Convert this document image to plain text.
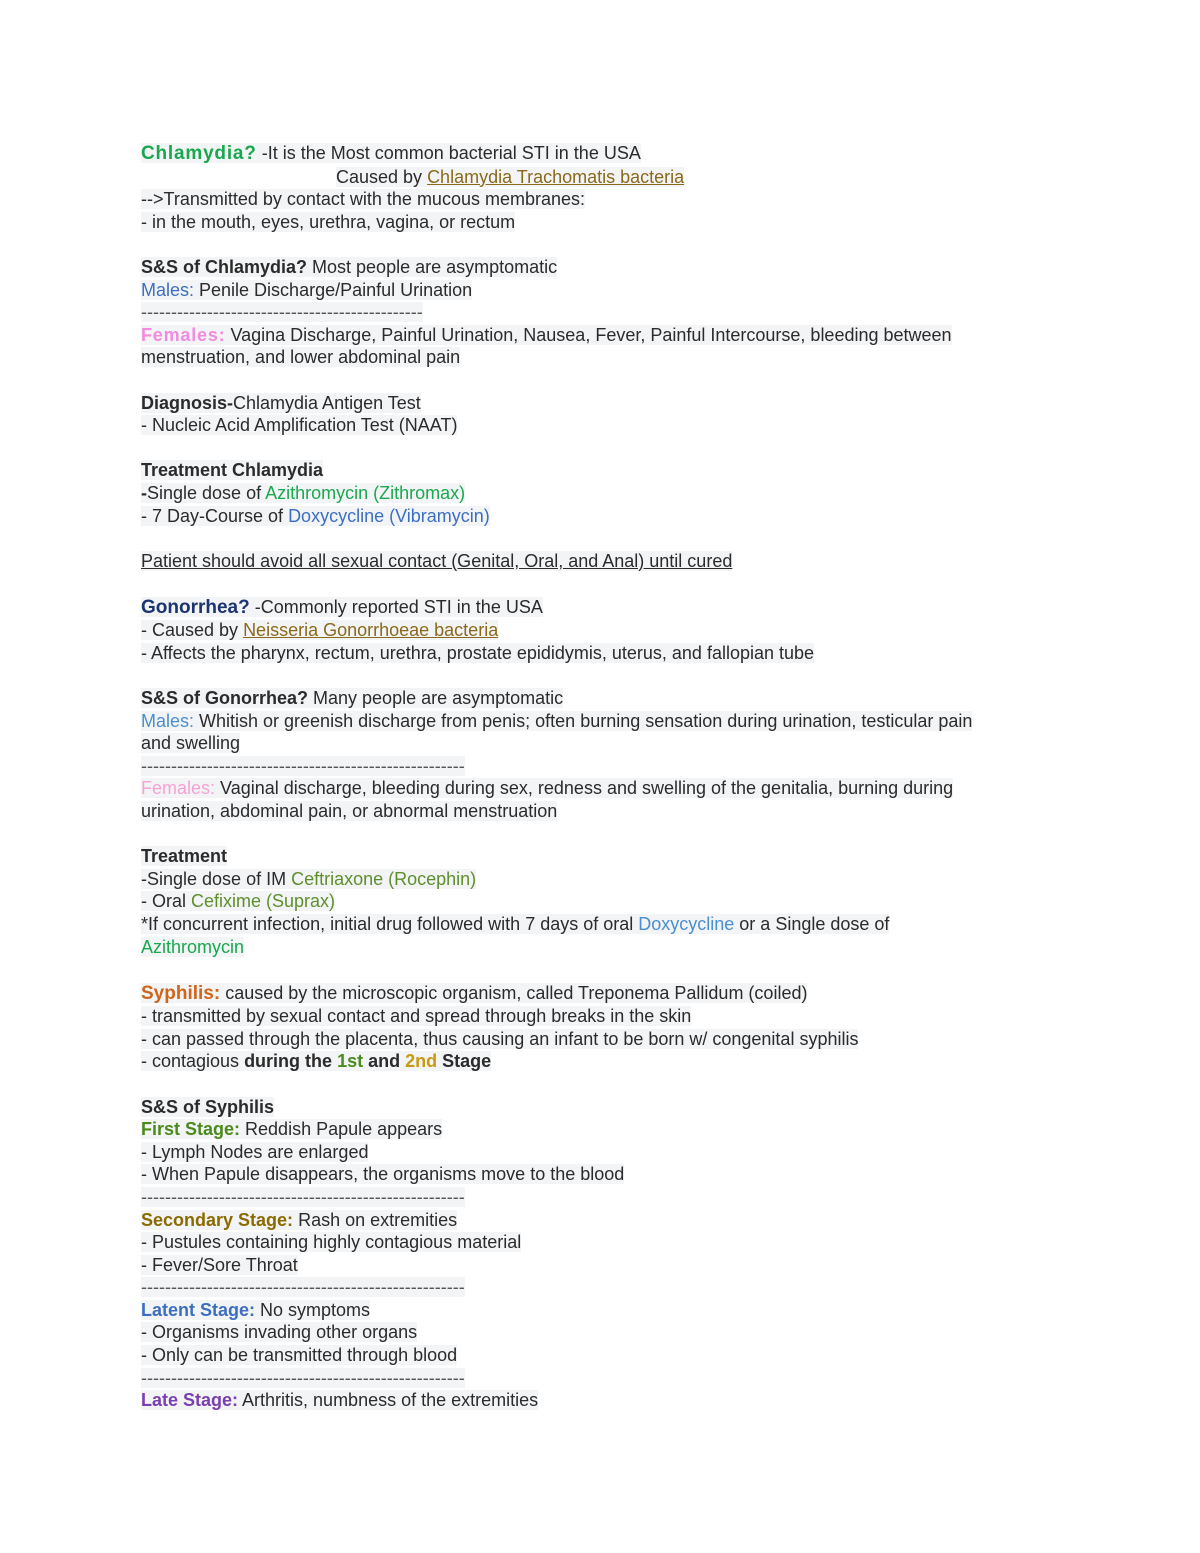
Chlamydia? -It is the Most common bacterial STI in the USA
Caused by Chlamydia Trachomatis bacteria
-->Transmitted by contact with the mucous membranes:
- in the mouth, eyes, urethra, vagina, or rectum
S&S of Chlamydia? Most people are asymptomatic
Males: Penile Discharge/Painful Urination
-----------------------------------------------
Females: Vagina Discharge, Painful Urination, Nausea, Fever, Painful Intercourse, bleeding between
menstruation, and lower abdominal pain
Diagnosis-Chlamydia Antigen Test
- Nucleic Acid Amplification Test (NAAT)
Treatment Chlamydia
-Single dose of Azithromycin (Zithromax)
- 7 Day-Course of Doxycycline (Vibramycin)
Patient should avoid all sexual contact (Genital, Oral, and Anal) until cured
Gonorrhea? -Commonly reported STI in the USA
- Caused by Neisseria Gonorrhoeae bacteria
- Affects the pharynx, rectum, urethra, prostate epididymis, uterus, and fallopian tube
S&S of Gonorrhea? Many people are asymptomatic
Males: Whitish or greenish discharge from penis; often burning sensation during urination, testicular pain
and swelling
------------------------------------------------------
Females: Vaginal discharge, bleeding during sex, redness and swelling of the genitalia, burning during
urination, abdominal pain, or abnormal menstruation
Treatment
-Single dose of IM Ceftriaxone (Rocephin)
- Oral Cefixime (Suprax)
*If concurrent infection, initial drug followed with 7 days of oral Doxycycline or a Single dose of
Azithromycin
Syphilis: caused by the microscopic organism, called Treponema Pallidum (coiled)
- transmitted by sexual contact and spread through breaks in the skin
- can passed through the placenta, thus causing an infant to be born w/ congenital syphilis
- contagious during the 1st and 2nd Stage
S&S of Syphilis
First Stage: Reddish Papule appears
- Lymph Nodes are enlarged
- When Papule disappears, the organisms move to the blood
------------------------------------------------------
Secondary Stage: Rash on extremities
- Pustules containing highly contagious material
- Fever/Sore Throat
------------------------------------------------------
Latent Stage: No symptoms
- Organisms invading other organs
- Only can be transmitted through blood
------------------------------------------------------
Late Stage: Arthritis, numbness of the extremities
